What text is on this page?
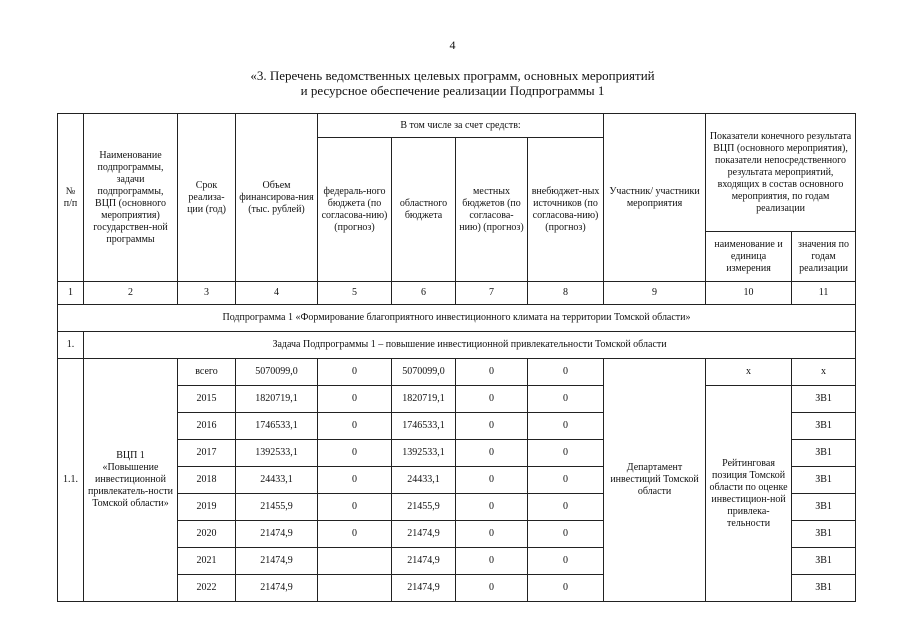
4
«3. Перечень ведомственных целевых программ, основных мероприятий
и ресурсное обеспечение реализации Подпрограммы 1
№ п/п	Наименование подпрограммы, задачи подпрограммы, ВЦП (основного мероприятия) государствен-ной программы	Срок реализа-ции (год)	Объем финансирова-ния (тыс. рублей)	В том числе за счет средств:				Участник/ участники мероприятия	Показатели конечного результата ВЦП (основного мероприятия), показатели непосредственного результата мероприятий, входящих в состав основного мероприятия, по годам реализации	
				федераль-ного бюджета (по согласова-нию) (прогноз)	областного бюджета	местных бюджетов (по согласова-нию) (прогноз)	внебюджет-ных источников (по согласова-нию) (прогноз)			
									наименование и единица измерения	значения по годам реализации
1	2	3	4	5	6	7	8	9	10	11
Подпрограмма 1 «Формирование благоприятного инвестиционного климата на территории Томской области»										
1.	Задача Подпрограммы 1 – повышение инвестиционной привлекательности Томской области									
1.1.	ВЦП 1 «Повышение инвестиционной привлекатель-ности Томской области»	всего	5070099,0	0	5070099,0	0	0	Департамент инвестиций Томской области	х	х
		2015	1820719,1	0	1820719,1	0	0		Рейтинговая позиция Томской области по оценке инвестицион-ной привлека-тельности	ЗВ1
		2016	1746533,1	0	1746533,1	0	0			ЗВ1
		2017	1392533,1	0	1392533,1	0	0			ЗВ1
		2018	24433,1	0	24433,1	0	0			ЗВ1
		2019	21455,9	0	21455,9	0	0			ЗВ1
		2020	21474,9	0	21474,9	0	0			ЗВ1
		2021	21474,9		21474,9	0	0			ЗВ1
		2022	21474,9		21474,9	0	0			ЗВ1
